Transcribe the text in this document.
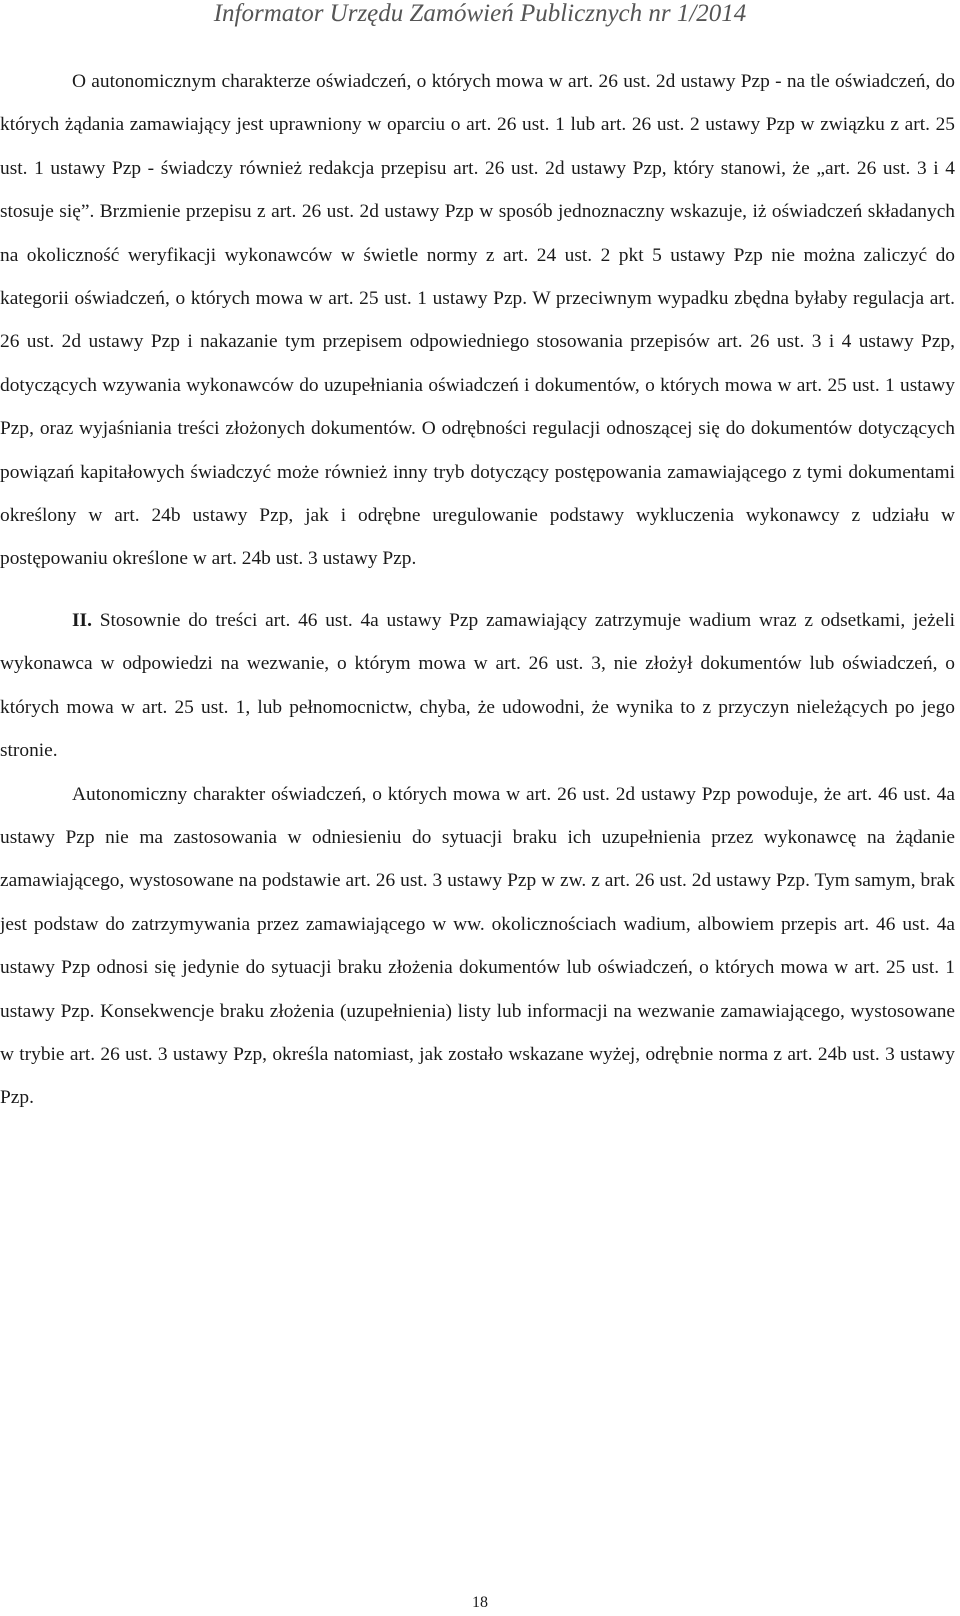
Informator Urzędu Zamówień Publicznych nr 1/2014

O autonomicznym charakterze oświadczeń, o których mowa w art. 26 ust. 2d ustawy Pzp - na tle oświadczeń, do których żądania zamawiający jest uprawniony w oparciu o art. 26 ust. 1 lub art. 26 ust. 2 ustawy Pzp w związku z art. 25 ust. 1 ustawy Pzp - świadczy również redakcja przepisu art. 26 ust. 2d ustawy Pzp, który stanowi, że „art. 26 ust. 3 i 4 stosuje się”. Brzmienie przepisu z art. 26 ust. 2d ustawy Pzp w sposób jednoznaczny wskazuje, iż oświadczeń składanych na okoliczność weryfikacji wykonawców w świetle normy z art. 24 ust. 2 pkt 5 ustawy Pzp nie można zaliczyć do kategorii oświadczeń, o których mowa w art. 25 ust. 1 ustawy Pzp. W przeciwnym wypadku zbędna byłaby regulacja art. 26 ust. 2d ustawy Pzp i nakazanie tym przepisem odpowiedniego stosowania przepisów art. 26 ust. 3 i 4 ustawy Pzp, dotyczących wzywania wykonawców do uzupełniania oświadczeń i dokumentów, o których mowa w art. 25 ust. 1 ustawy Pzp, oraz wyjaśniania treści złożonych dokumentów. O odrębności regulacji odnoszącej się do dokumentów dotyczących powiązań kapitałowych świadczyć może również inny tryb dotyczący postępowania zamawiającego z tymi dokumentami określony w art. 24b ustawy Pzp, jak i odrębne uregulowanie podstawy wykluczenia wykonawcy z udziału w postępowaniu określone w art. 24b ust. 3 ustawy Pzp.

II. Stosownie do treści art. 46 ust. 4a ustawy Pzp zamawiający zatrzymuje wadium wraz z odsetkami, jeżeli wykonawca w odpowiedzi na wezwanie, o którym mowa w art. 26 ust. 3, nie złożył dokumentów lub oświadczeń, o których mowa w art. 25 ust. 1, lub pełnomocnictw, chyba, że udowodni, że wynika to z przyczyn nieleżących po jego stronie.

Autonomiczny charakter oświadczeń, o których mowa w art. 26 ust. 2d ustawy Pzp powoduje, że art. 46 ust. 4a ustawy Pzp nie ma zastosowania w odniesieniu do sytuacji braku ich uzupełnienia przez wykonawcę na żądanie zamawiającego, wystosowane na podstawie art. 26 ust. 3 ustawy Pzp w zw. z art. 26 ust. 2d ustawy Pzp. Tym samym, brak jest podstaw do zatrzymywania przez zamawiającego w ww. okolicznościach wadium, albowiem przepis art. 46 ust. 4a ustawy Pzp odnosi się jedynie do sytuacji braku złożenia dokumentów lub oświadczeń, o których mowa w art. 25 ust. 1 ustawy Pzp. Konsekwencje braku złożenia (uzupełnienia) listy lub informacji na wezwanie zamawiającego, wystosowane w trybie art. 26 ust. 3 ustawy Pzp, określa natomiast, jak zostało wskazane wyżej, odrębnie norma z art. 24b ust. 3 ustawy Pzp.

18
